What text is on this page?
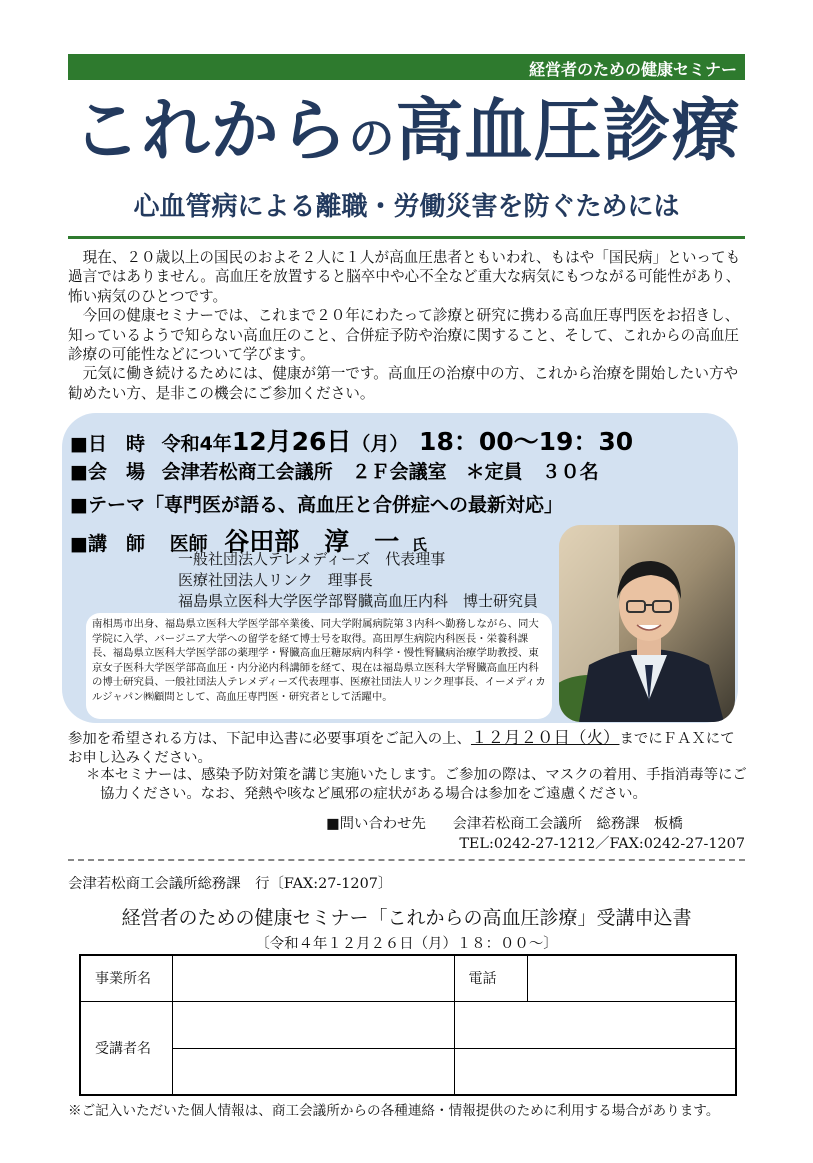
経営者のための健康セミナー
これからの高血圧診療
心血管病による離職・労働災害を防ぐためには

現在、２０歳以上の国民のおよそ２人に１人が高血圧患者ともいわれ、もはや「国民病」といっても過言ではありません。高血圧を放置すると脳卒中や心不全など重大な病気にもつながる可能性があり、怖い病気のひとつです。

今回の健康セミナーでは、これまで２０年にわたって診療と研究に携わる高血圧専門医をお招きし、知っているようで知らない高血圧のこと、合併症予防や治療に関すること、そして、これからの高血圧診療の可能性などについて学びます。

元気に働き続けるためには、健康が第一です。高血圧の治療中の方、これから治療を開始したい方や勧めたい方、是非この機会にご参加ください。

■日　時 令和4年12月26日（月） 18：00～19：30
■会　場 会津若松商工会議所　２Ｆ会議室　＊定員　３０名
■テーマ「専門医が語る、高血圧と合併症への最新対応」
■講　師 医師 谷田部　淳　一 氏
一般社団法人テレメディーズ　代表理事
医療社団法人リンク　理事長
福島県立医科大学医学部腎臓高血圧内科　博士研究員
南相馬市出身、福島県立医科大学医学部卒業後、同大学附属病院第３内科へ勤務しながら、同大学院に入学、バージニア大学への留学を経て博士号を取得。高田厚生病院内科医長・栄養科課長、福島県立医科大学医学部の薬理学・腎臓高血圧糖尿病内科学・慢性腎臓病治療学助教授、東京女子医科大学医学部高血圧・内分泌内科講師を経て、現在は福島県立医科大学腎臓高血圧内科の博士研究員、一般社団法人テレメディーズ代表理事、医療社団法人リンク理事長、イーメディカルジャパン㈱顧問として、高血圧専門医・研究者として活躍中。
参加を希望される方は、下記申込書に必要事項をご記入の上、１２月２０日（火）までにＦＡＸにてお申し込みください。
＊本セミナーは、感染予防対策を講じ実施いたします。ご参加の際は、マスクの着用、手指消毒等にご協力ください。なお、発熱や咳など風邪の症状がある場合は参加をご遠慮ください。
■問い合わせ先 会津若松商工会議所　総務課　板橋
TEL:0242-27-1212／FAX:0242-27-1207
会津若松商工会議所総務課　行〔FAX:27-1207〕
経営者のための健康セミナー「これからの高血圧診療」受講申込書
〔令和４年１２月２６日（月）１８：００～〕
事業所名		電話	
受講者名			

※ご記入いただいた個人情報は、商工会議所からの各種連絡・情報提供のために利用する場合があります。
